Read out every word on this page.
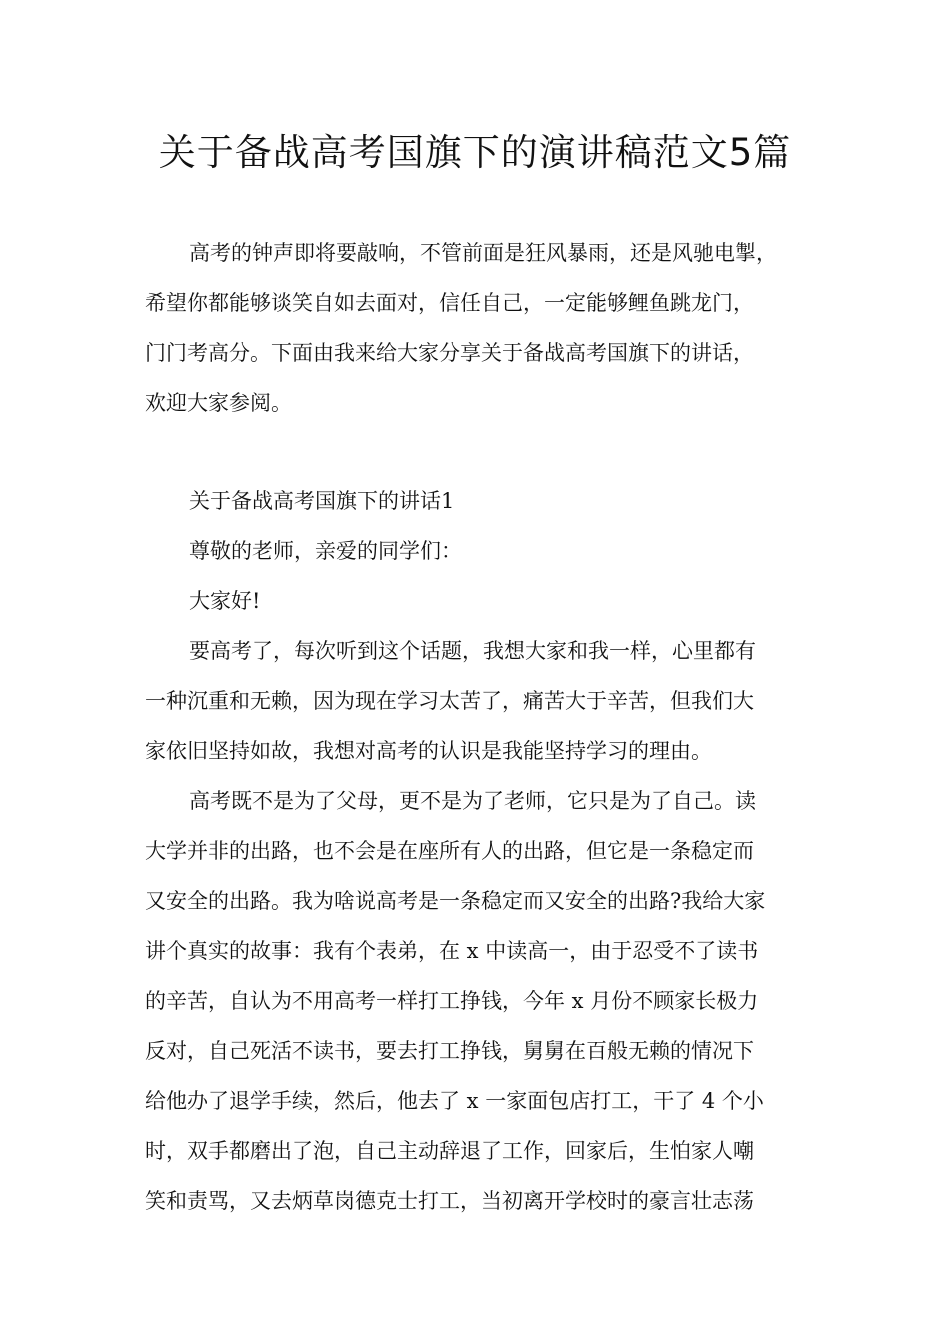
关于备战高考国旗下的演讲稿范文5篇
高考的钟声即将要敲响，不管前面是狂风暴雨，还是风驰电掣，
希望你都能够谈笑自如去面对，信任自己，一定能够鲤鱼跳龙门，
门门考高分。下面由我来给大家分享关于备战高考国旗下的讲话，
欢迎大家参阅。
关于备战高考国旗下的讲话1
尊敬的老师，亲爱的同学们：
大家好!
要高考了，每次听到这个话题，我想大家和我一样，心里都有
一种沉重和无赖，因为现在学习太苦了，痛苦大于辛苦，但我们大
家依旧坚持如故，我想对高考的认识是我能坚持学习的理由。
高考既不是为了父母，更不是为了老师，它只是为了自己。读
大学并非的出路，也不会是在座所有人的出路，但它是一条稳定而
又安全的出路。我为啥说高考是一条稳定而又安全的出路?我给大家
讲个真实的故事：我有个表弟，在 x 中读高一，由于忍受不了读书
的辛苦，自认为不用高考一样打工挣钱，今年 x 月份不顾家长极力
反对，自己死活不读书，要去打工挣钱，舅舅在百般无赖的情况下
给他办了退学手续，然后，他去了 x 一家面包店打工，干了 4 个小
时，双手都磨出了泡，自己主动辞退了工作，回家后，生怕家人嘲
笑和责骂，又去炳草岗德克士打工，当初离开学校时的豪言壮志荡
